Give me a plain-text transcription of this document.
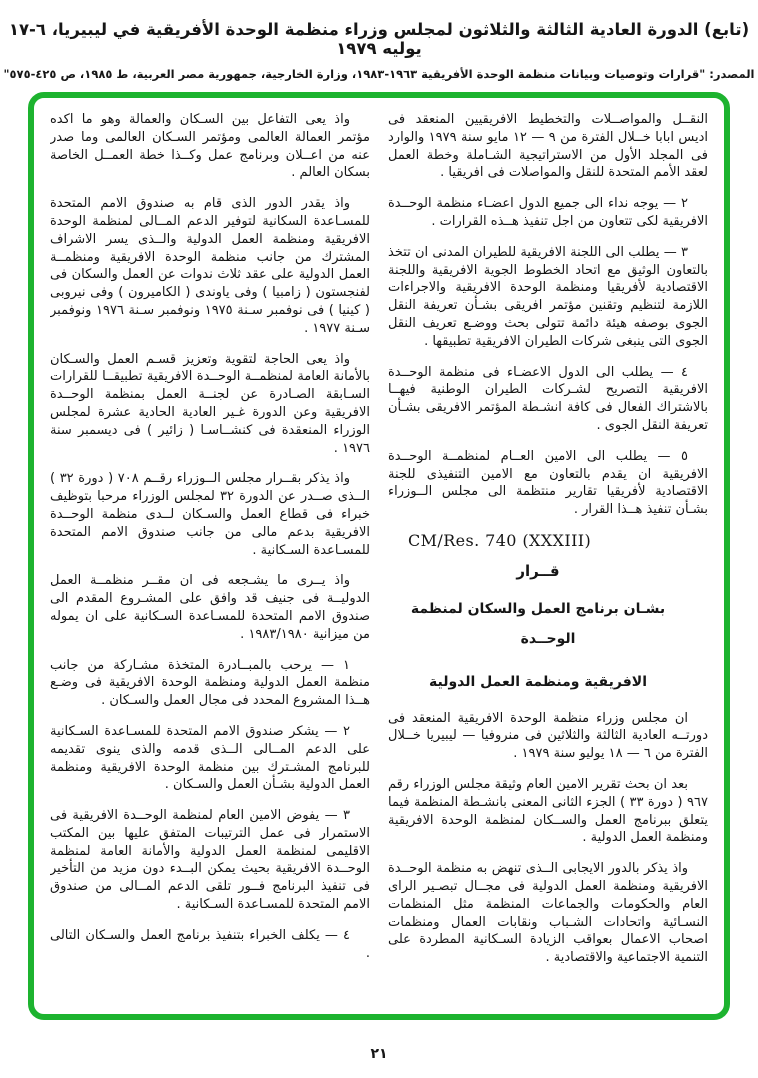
(تابع) الدورة العادية الثالثة والثلاثون لمجلس وزراء منظمة الوحدة الأفريقية في ليبيريا، ٦-١٧ يوليه ١٩٧٩
المصدر: "قرارات وتوصيات وبيانات منظمة الوحدة الأفريقية ١٩٦٣-١٩٨٣، وزارة الخارجية، جمهورية مصر العربية، ط ١٩٨٥، ص ٤٢٥-٥٧٥"

النقــل والمواصــلات والتخطيط الافريقيين المنعقد فى اديس ابابا خــلال الفترة من ٩ — ١٢ مايو سنة ١٩٧٩ والوارد فى المجلد الأول من الاستراتيجية الشـاملة وخطة العمل لعقد الأمم المتحدة للنقل والمواصلات فى افريقيا .

٢ — يوجه نداء الى جميع الدول اعضـاء منظمة الوحــدة الافريقية لكى تتعاون من اجل تنفيذ هــذه القرارات .

٣ — يطلب الى اللجنة الافريقية للطيران المدنى ان تتخذ بالتعاون الوثيق مع اتحاد الخطوط الجوية الافريقية واللجنة الاقتصادية لأفريقيا ومنظمة الوحدة الافريقية والاجراءات اللازمة لتنظيم وتقنين مؤتمر افريقى بشـأن تعريفة النقل الجوى بوصفه هيئة دائمة تتولى بحث ووضـع تعريف النقل الجوى التى ينبغى شركات الطيران الافريقية تطبيقها .

٤ — يطلب الى الدول الاعضـاء فى منظمة الوحــدة الافريقية التصريح لشـركات الطيران الوطنية فيهــا بالاشتراك الفعال فى كافة انشـطة المؤتمر الافريقى بشـأن تعريفة النقل الجوى .

٥ — يطلب الى الامين العــام لمنظمــة الوحــدة الافريقية ان يقدم بالتعاون مع الامين التنفيذى للجنة الاقتصادية لأفريقيا تقارير منتظمة الى مجلس الــوزراء بشـأن تنفيذ هــذا القرار .

CM/Res. 740 (XXXIII)

قــرار

بشـان برنامج العمل والسكان لمنظمة الوحــدة

الافريقية ومنظمة العمل الدولية

ان مجلس وزراء منظمة الوحدة الافريقية المنعقد فى دورتــه العادية الثالثة والثلاثين فى منروفيا — ليبيريا خــلال الفترة من ٦ — ١٨ يوليو سنة ١٩٧٩ .

بعد ان بحث تقرير الامين العام وثيقة مجلس الوزراء رقم ٩٦٧ ( دورة ٣٣ ) الجزء الثانى المعنى بانشـطة المنظمة فيما يتعلق ببرنامج العمل والســكان لمنظمة الوحدة الافريقية ومنظمة العمل الدولية .

واذ يذكر بالدور الايجابى الــذى تنهض به منظمة الوحــدة الافريقية ومنظمة العمل الدولية فى مجــال تبصـير الراى العام والحكومات والجماعات المنظمة مثل المنظمات النسـائية واتحادات الشـباب ونقابات العمال ومنظمات اصحاب الاعمال بعواقب الزيادة السـكانية المطردة على التنمية الاجتماعية والاقتصادية .

واذ يعى التفاعل بين السـكان والعمالة وهو ما اكده مؤتمر العمالة العالمى ومؤتمر السـكان العالمى وما صدر عنه من اعــلان وبرنامج عمل وكــذا خطة العمــل الخاصة بسكان العالم .

واذ يقدر الدور الذى قام به صندوق الامم المتحدة للمسـاعدة السكانية لتوفير الدعم المــالى لمنظمة الوحدة الافريقية ومنظمة العمل الدولية والــذى يسر الاشراف المشترك من جانب منظمة الوحدة الافريقية ومنظمــة العمل الدولية على عقد ثلاث ندوات عن العمل والسكان فى لفنجستون ( زامبيا ) وفى ياوندى ( الكاميرون ) وفى نيروبى ( كينيا ) فى نوفمبر سـنة ١٩٧٥ ونوفمبر سـنة ١٩٧٦ ونوفمبر سـنة ١٩٧٧ .

واذ يعى الحاجة لتقوية وتعزيز قسـم العمل والسـكان بالأمانة العامة لمنظمــة الوحــدة الافريقية تطبيقــا للقرارات السـابقة الصـادرة عن لجنــة العمل بمنظمة الوحــدة الافريقية وعن الدورة غـير العادية الحادية عشرة لمجلس الوزراء المنعقدة فى كنشــاسـا ( زائير ) فى ديسمبر سنة ١٩٧٦ .

واذ يذكر بقــرار مجلس الــوزراء رقــم ٧٠٨ ( دورة ٣٢ ) الــذى صــدر عن الدورة ٣٢ لمجلس الوزراء مرحبا بتوظيف خبراء فى قطاع العمل والسـكان لــدى منظمة الوحــدة الافريقية بدعم مالى من جانب صندوق الامم المتحدة للمسـاعدة السـكانية .

واذ يــرى ما يشـجعه فى ان مقــر منظمــة العمل الدوليــة فى جنيف قد وافق على المشـروع المقدم الى صندوق الامم المتحدة للمسـاعدة السـكانية على ان يموله من ميزانية ١٩٨٣/١٩٨٠ .

١ — يرحب بالمبــادرة المتخذة مشـاركة من جانب منظمة العمل الدولية ومنظمة الوحدة الافريقية فى وضـع هــذا المشروع المحدد فى مجال العمل والسـكان .

٢ — يشكر صندوق الامم المتحدة للمسـاعدة السـكانية على الدعم المــالى الــذى قدمه والذى ينوى تقديمه للبرنامج المشـترك بين منظمة الوحدة الافريقية ومنظمة العمل الدولية بشـأن العمل والسـكان .

٣ — يفوض الامين العام لمنظمة الوحــدة الافريقية فى الاستمرار فى عمل الترتيبات المتفق عليها بين المكتب الاقليمى لمنظمة العمل الدولية والأمانة العامة لمنظمة الوحــدة الافريقية بحيث يمكن البــدء دون مزيد من التأخير فى تنفيذ البرنامج فــور تلقى الدعم المــالى من صندوق الامم المتحدة للمسـاعدة السـكانية .

٤ — يكلف الخبراء بتنفيذ برنامج العمل والسـكان التالى .

٢١
